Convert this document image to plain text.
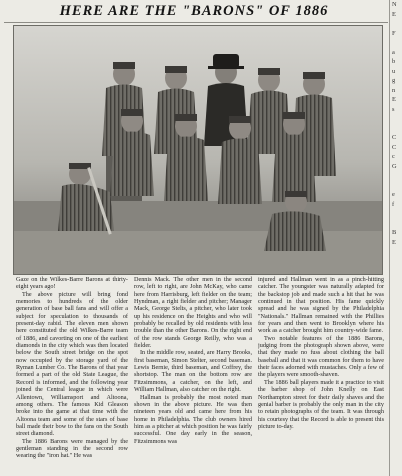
HERE ARE THE "BARONS" OF 1886

Gaze on the Wilkes-Barre Barons at thirty-eight years ago!

The above picture will bring fond memories to hundreds of the older generation of base ball fans and will offer a subject for speculation to thousands of present-day rabid. The eleven men shown here constituted the old Wilkes-Barre team of 1886, and cavorting on one of the earliest diamonds in the city which was then located below the South street bridge on the spot now occupied by the storage yard of the Ryman Lumber Co. The Barons of that year formed a part of the old State League, the Record is informed, and the following year joined the Central league in which were Allentown, Williamsport and Altoona, among others. The famous Kid Gleason broke into the game at that time with the Altoona team and some of the stars of base ball made their bow to the fans on the South street diamond.

The 1886 Barons were managed by the gentleman standing in the second row wearing the "iron hat." He was

Dennis Mack. The other men in the second row, left to right, are John McKay, who came here from Harrisburg, left fielder on the team; Hyndman, a right fielder and pitcher; Manager Mack, George Stelts, a pitcher, who later took up his residence on the Heights and who will probably be recalled by old residents with less trouble than the other Barons. On the right end of the row stands George Reilly, who was a fielder.

In the middle row, seated, are Harry Brooks, first baseman, Simon Stelter, second baseman. Lewis Bernie, third baseman, and Coffrey, the shortstop. The man on the bottom row are Fitzsimmons, a catcher, on the left, and William Hallman, also catcher on the right.

Hallman is probably the most noted man shown in the above picture. He was then nineteen years old and came here from his home in Philadelphia. The club owners hired him as a pitcher at which position he was fairly successful. One day early in the season, Fitzsimmons was

injured and Hallman went in as a pinch-hitting catcher. The youngster was naturally adapted for the backstop job and made such a hit that he was continued in that position. His fame quickly spread and he was signed by the Philadelphia "Nationals." Hallman remained with the Phillies for years and then went to Brooklyn where his work as a catcher brought him country-wide fame.

Two notable features of the 1886 Barons, judging from the photograph shown above, were that they made no fuss about clothing the ball baseball and that it was common for them to have their faces adorned with mustaches. Only a few of the players were smooth-shaven.

The 1886 ball players made it a practice to visit the barber shop of John Knelly on East Northampton street for their daily shaves and the genial barber is probably the only man in the city to retain photographs of the team. It was through his courtesy that the Record is able to present this picture to-day.

N
E

F

a
b
u
g
n
E
s

C
C
c
G

e
f

B
E
